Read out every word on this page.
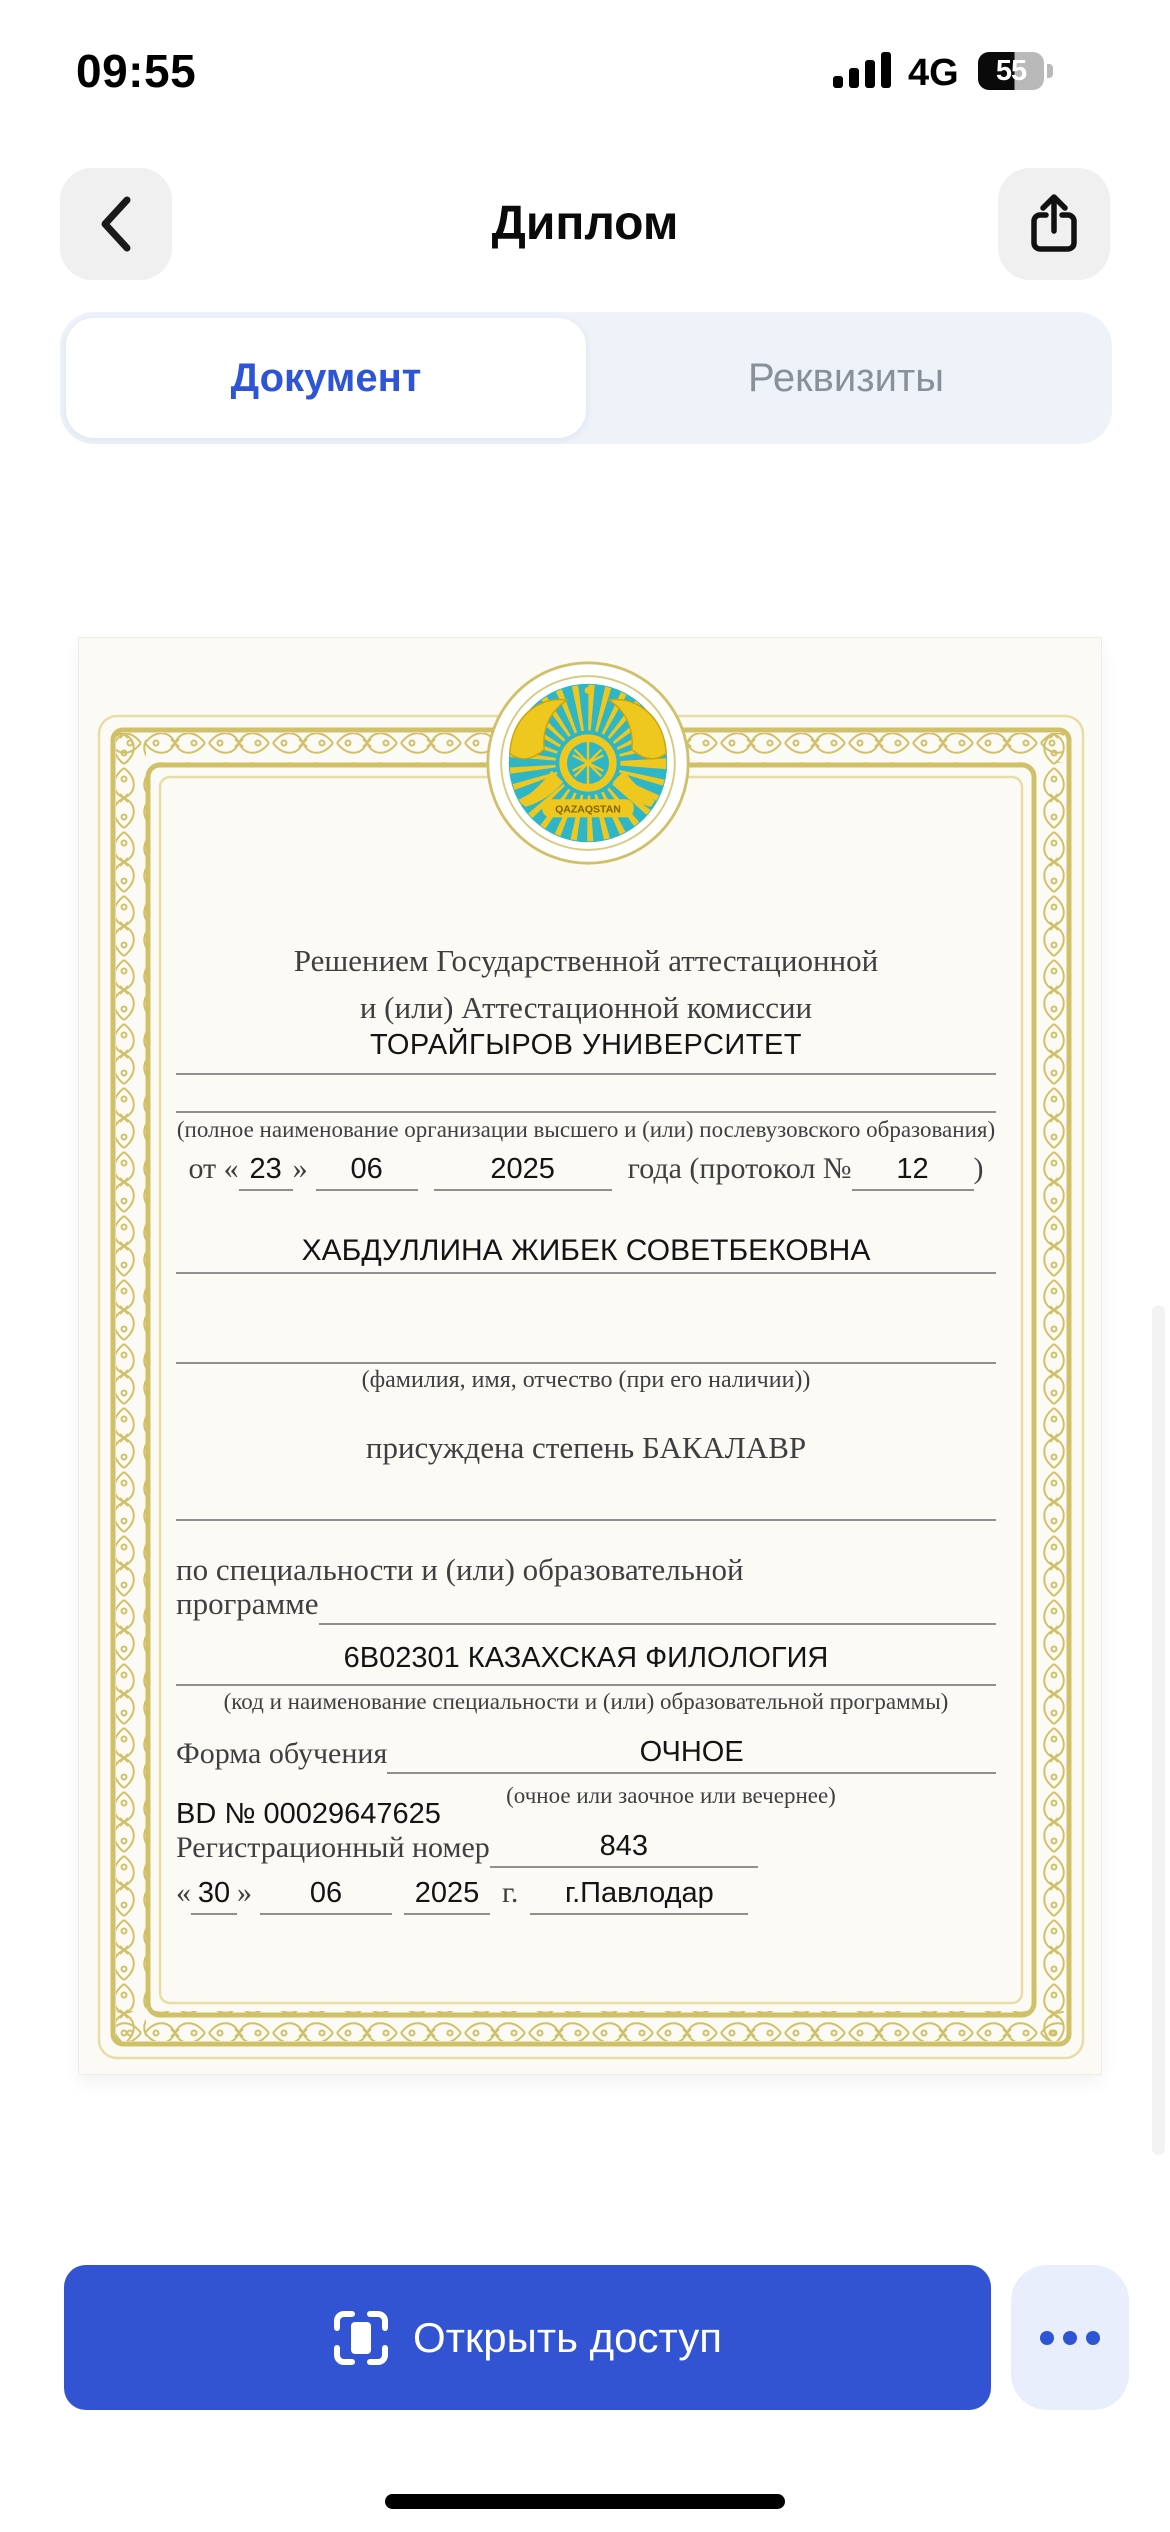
09:55	4G 55
Диплом
Документ	Реквизиты
QAZAQSTAN
Решением Государственной аттестационной
и (или) Аттестационной комиссии
ТОРАЙГЫРОВ УНИВЕРСИТЕТ
(полное наименование организации высшего и (или) послевузовского образования)
от « 23 »	06	2025	года (протокол №	12	)
ХАБДУЛЛИНА ЖИБЕК СОВЕТБЕКОВНА
(фамилия, имя, отчество (при его наличии))
присуждена степень БАКАЛАВР
по специальности и (или) образовательной
программе
6B02301 КАЗАХСКАЯ ФИЛОЛОГИЯ
(код и наименование специальности и (или) образовательной программы)
Форма обучения	ОЧНОЕ
(очное или заочное или вечернее)
BD № 00029647625
Регистрационный номер	843
« 30 »	06	2025 г.	г.Павлодар
Открыть доступ
